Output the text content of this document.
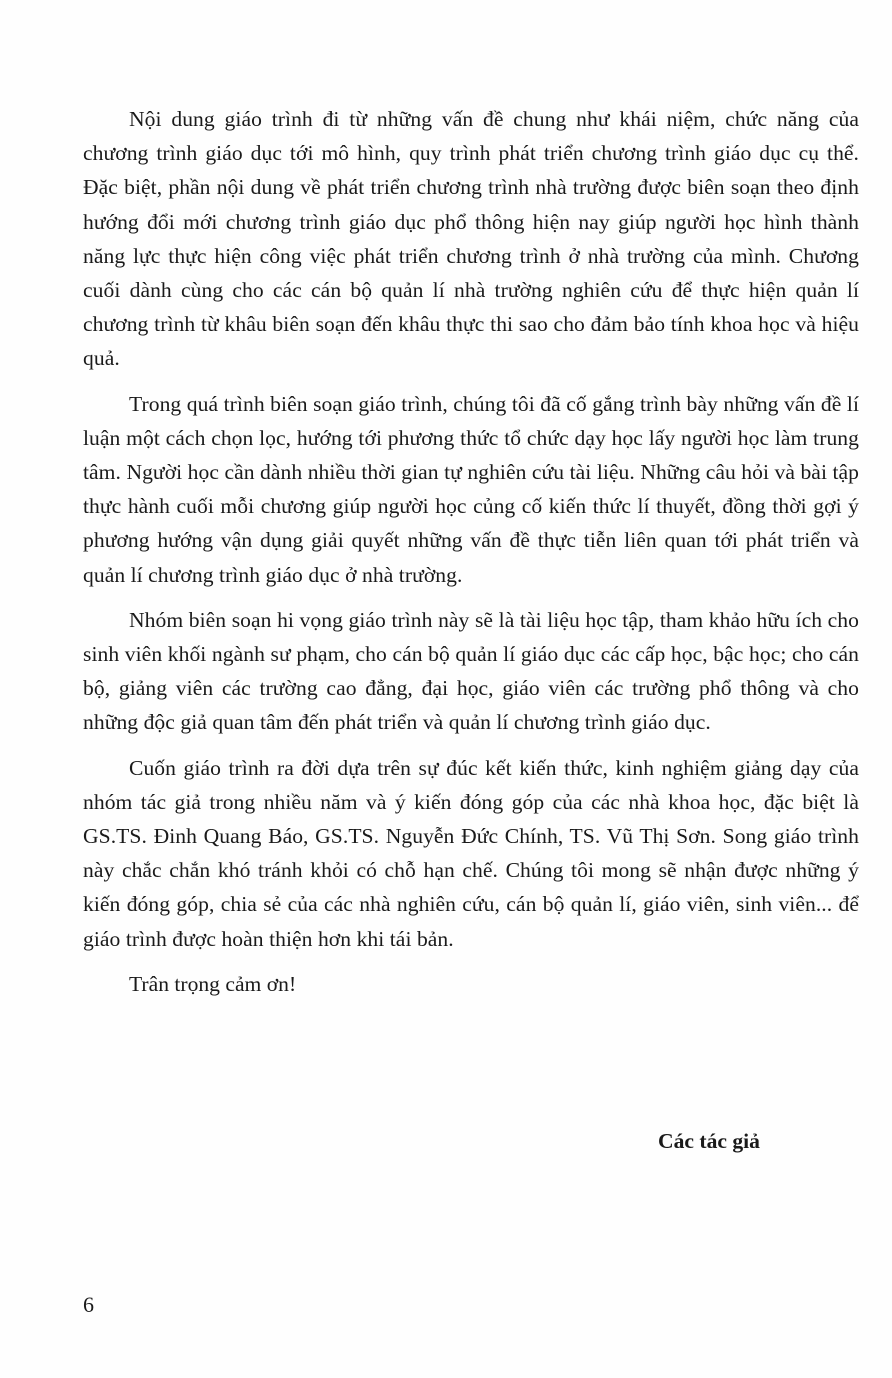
Nội dung giáo trình đi từ những vấn đề chung như khái niệm, chức năng của chương trình giáo dục tới mô hình, quy trình phát triển chương trình giáo dục cụ thể. Đặc biệt, phần nội dung về phát triển chương trình nhà trường được biên soạn theo định hướng đổi mới chương trình giáo dục phổ thông hiện nay giúp người học hình thành năng lực thực hiện công việc phát triển chương trình ở nhà trường của mình. Chương cuối dành cùng cho các cán bộ quản lí nhà trường nghiên cứu để thực hiện quản lí chương trình từ khâu biên soạn đến khâu thực thi sao cho đảm bảo tính khoa học và hiệu quả.

Trong quá trình biên soạn giáo trình, chúng tôi đã cố gắng trình bày những vấn đề lí luận một cách chọn lọc, hướng tới phương thức tổ chức dạy học lấy người học làm trung tâm. Người học cần dành nhiều thời gian tự nghiên cứu tài liệu. Những câu hỏi và bài tập thực hành cuối mỗi chương giúp người học củng cố kiến thức lí thuyết, đồng thời gợi ý phương hướng vận dụng giải quyết những vấn đề thực tiễn liên quan tới phát triển và quản lí chương trình giáo dục ở nhà trường.

Nhóm biên soạn hi vọng giáo trình này sẽ là tài liệu học tập, tham khảo hữu ích cho sinh viên khối ngành sư phạm, cho cán bộ quản lí giáo dục các cấp học, bậc học; cho cán bộ, giảng viên các trường cao đẳng, đại học, giáo viên các trường phổ thông và cho những độc giả quan tâm đến phát triển và quản lí chương trình giáo dục.

Cuốn giáo trình ra đời dựa trên sự đúc kết kiến thức, kinh nghiệm giảng dạy của nhóm tác giả trong nhiều năm và ý kiến đóng góp của các nhà khoa học, đặc biệt là GS.TS. Đinh Quang Báo, GS.TS. Nguyễn Đức Chính, TS. Vũ Thị Sơn. Song giáo trình này chắc chắn khó tránh khỏi có chỗ hạn chế. Chúng tôi mong sẽ nhận được những ý kiến đóng góp, chia sẻ của các nhà nghiên cứu, cán bộ quản lí, giáo viên, sinh viên... để giáo trình được hoàn thiện hơn khi tái bản.

Trân trọng cảm ơn!

Các tác giả

6
